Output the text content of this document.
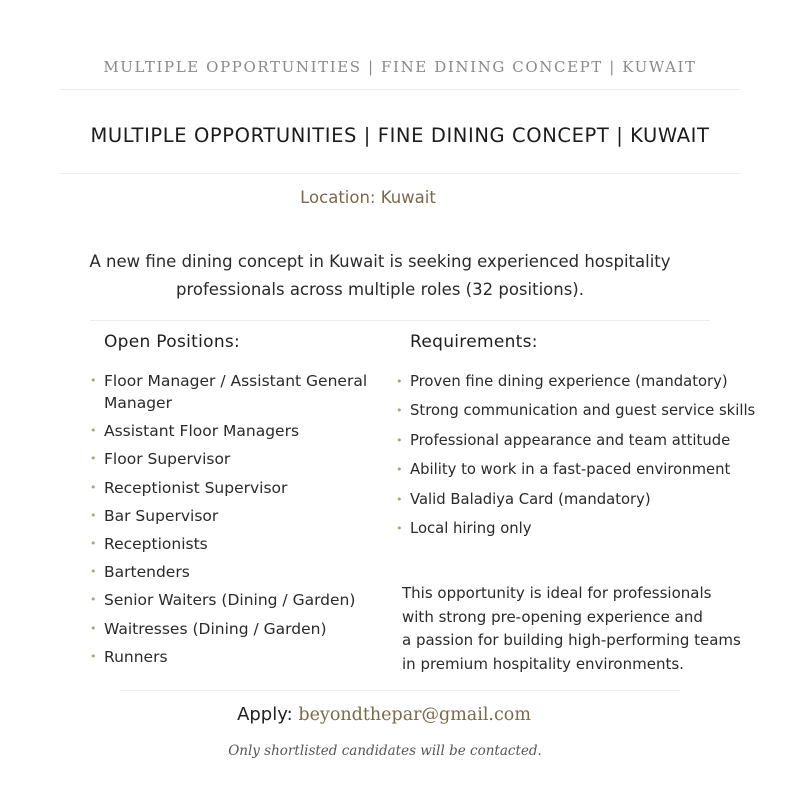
MULTIPLE OPPORTUNITIES | FINE DINING CONCEPT | KUWAIT
MULTIPLE OPPORTUNITIES | FINE DINING CONCEPT | KUWAIT
Location: Kuwait
A new fine dining concept in Kuwait is seeking experienced hospitality
professionals across multiple roles (32 positions).
Open Positions:
• Floor Manager / Assistant General Manager
• Assistant Floor Managers
• Floor Supervisor
• Receptionist Supervisor
• Bar Supervisor
• Receptionists
• Bartenders
• Senior Waiters (Dining / Garden)
• Waitresses (Dining / Garden)
• Runners
Requirements:
• Proven fine dining experience (mandatory)
• Strong communication and guest service skills
• Professional appearance and team attitude
• Ability to work in a fast-paced environment
• Valid Baladiya Card (mandatory)
• Local hiring only
This opportunity is ideal for professionals
with strong pre-opening experience and
a passion for building high-performing teams
in premium hospitality environments.
Apply: beyondthepar@gmail.com
Only shortlisted candidates will be contacted.
